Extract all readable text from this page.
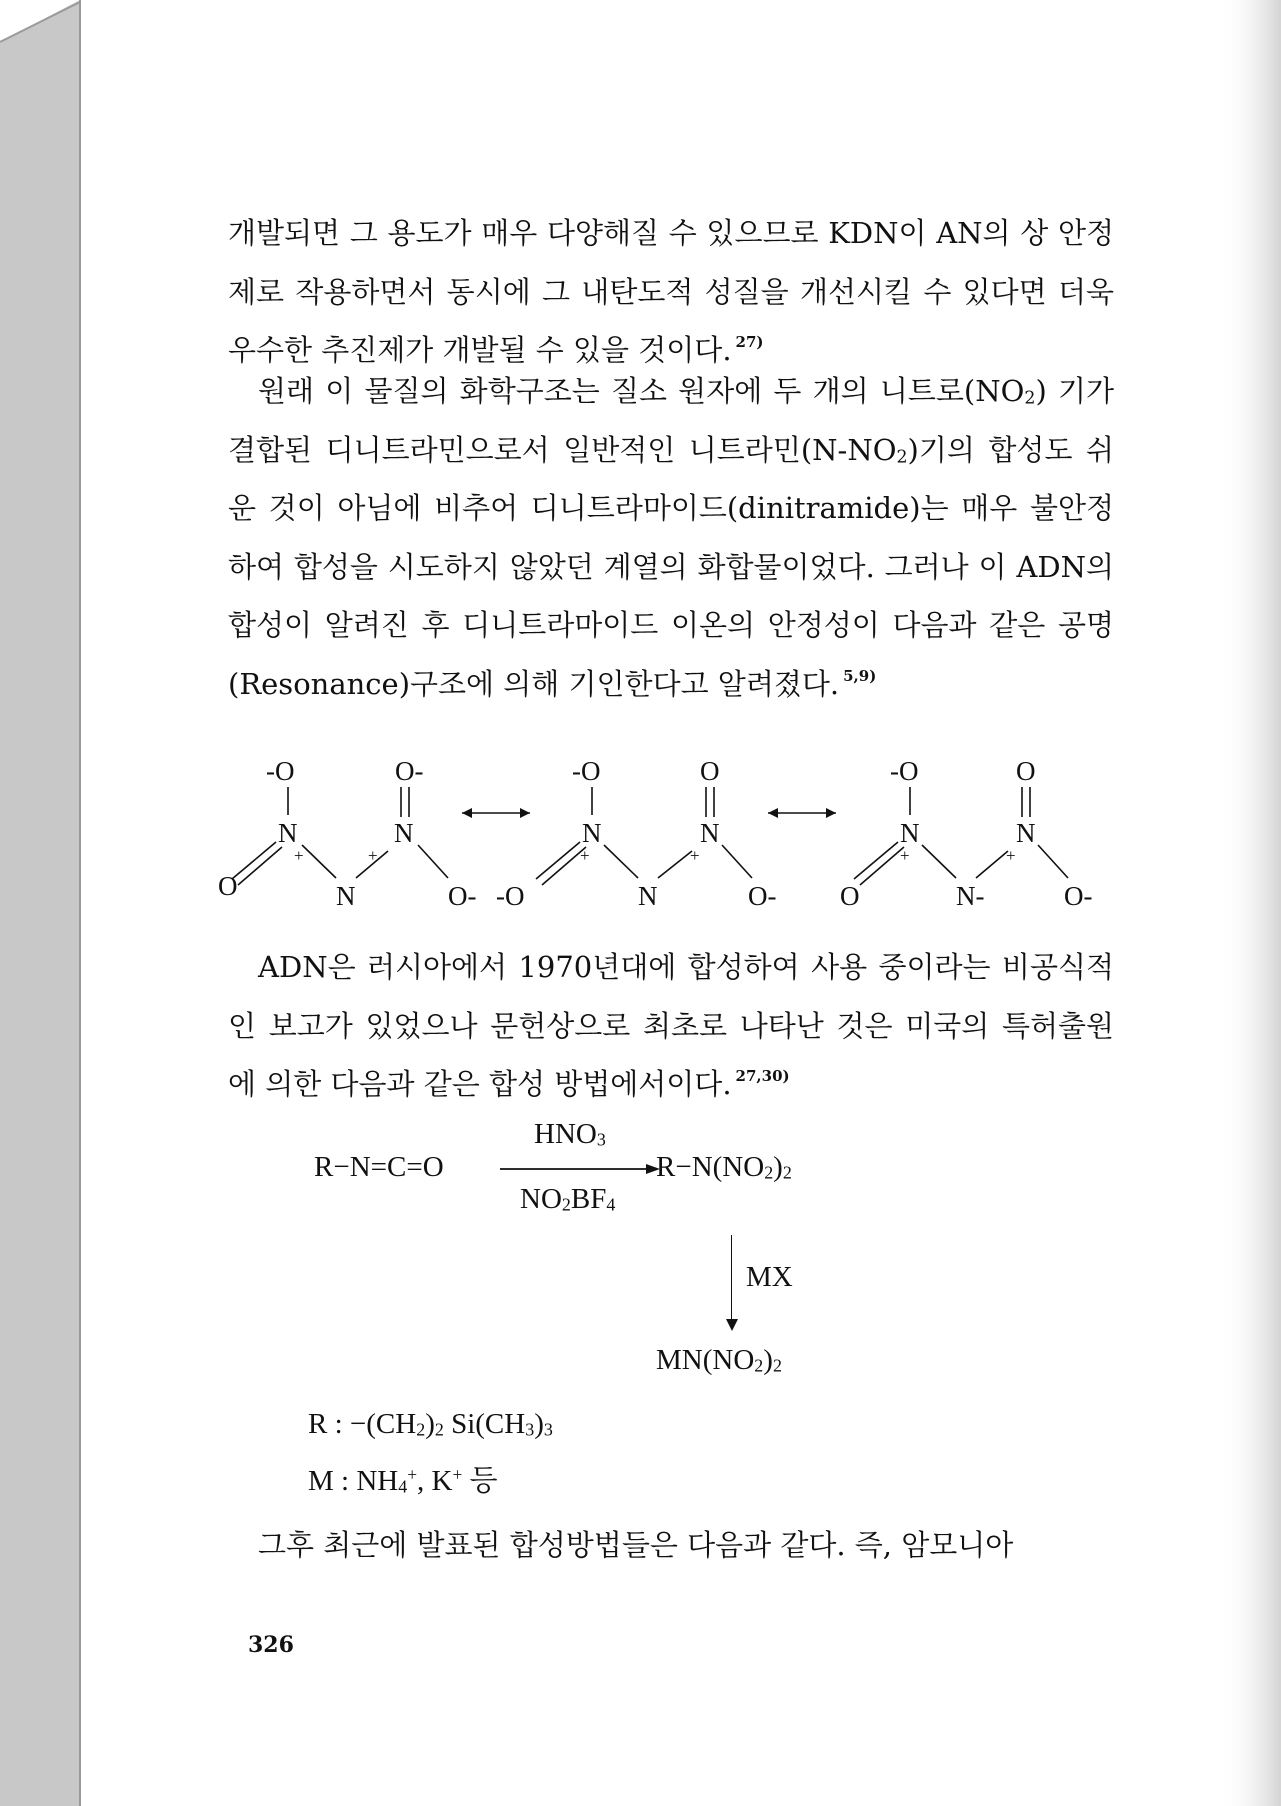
개발되면 그 용도가 매우 다양해질 수 있으므로 KDN이 AN의 상 안정제로 작용하면서 동시에 그 내탄도적 성질을 개선시킬 수 있다면 더욱 우수한 추진제가 개발될 수 있을 것이다. $^{27)}$

원래 이 물질의 화학구조는 질소 원자에 두 개의 니트로$(NO_2)$ 기가 결합된 디니트라민으로서 일반적인 니트라민$(N-NO_2)$기의 합성도 쉬운 것이 아님에 비추어 디니트라마이드(dinitramide)는 매우 불안정하여 합성을 시도하지 않았던 계열의 화합물이었다. 그러나 이 ADN의 합성이 알려진 후 디니트라마이드 이온의 안정성이 다음과 같은 공명(Resonance)구조에 의해 기인한다고 알려졌다. $^{5,9)}$

-O
N
O
+
N
+
N
O-
O-
-O
N
-O
+
N
+
N
O
O-
-O
N
O
+
N-
+
N
O
O-

ADN은 러시아에서 1970년대에 합성하여 사용 중이라는 비공식적인 보고가 있었으나 문헌상으로 최초로 나타난 것은 미국의 특허출원에 의한 다음과 같은 합성 방법에서이다. $^{27,30)}$

R−N=C=O
$HNO_3$
$NO_2BF_4$
$R-N(NO_2)_2$
MX
$MN(NO_2)_2$
R : $-(CH_2)_2$ $Si(CH_3)_3$
M : $NH_4^+$, K+ 등

그후 최근에 발표된 합성방법들은 다음과 같다. 즉, 암모니아

326
